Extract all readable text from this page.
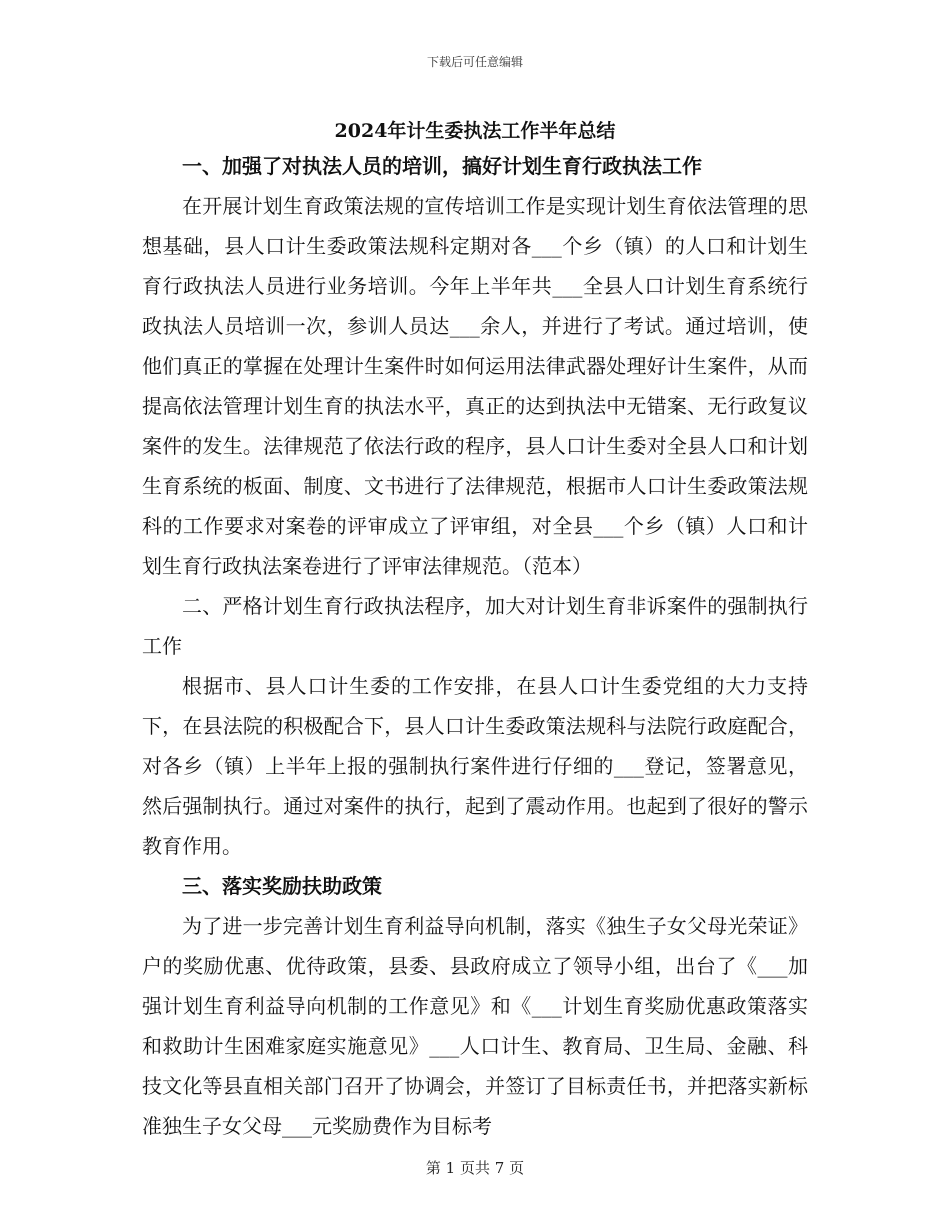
下载后可任意编辑
2024年计生委执法工作半年总结

一、加强了对执法人员的培训，搞好计划生育行政执法工作

在开展计划生育政策法规的宣传培训工作是实现计划生育依法管理的思想基础，县人口计生委政策法规科定期对各___个乡（镇）的人口和计划生育行政执法人员进行业务培训。今年上半年共___全县人口计划生育系统行政执法人员培训一次，参训人员达___余人，并进行了考试。通过培训，使他们真正的掌握在处理计生案件时如何运用法律武器处理好计生案件，从而提高依法管理计划生育的执法水平，真正的达到执法中无错案、无行政复议案件的发生。法律规范了依法行政的程序，县人口计生委对全县人口和计划生育系统的板面、制度、文书进行了法律规范，根据市人口计生委政策法规科的工作要求对案卷的评审成立了评审组，对全县___个乡（镇）人口和计划生育行政执法案卷进行了评审法律规范。（范本）

二、严格计划生育行政执法程序，加大对计划生育非诉案件的强制执行工作

根据市、县人口计生委的工作安排，在县人口计生委党组的大力支持下，在县法院的积极配合下，县人口计生委政策法规科与法院行政庭配合，对各乡（镇）上半年上报的强制执行案件进行仔细的___登记，签署意见，然后强制执行。通过对案件的执行，起到了震动作用。也起到了很好的警示教育作用。

三、落实奖励扶助政策

为了进一步完善计划生育利益导向机制，落实《独生子女父母光荣证》户的奖励优惠、优待政策，县委、县政府成立了领导小组，出台了《___加强计划生育利益导向机制的工作意见》和《___计划生育奖励优惠政策落实和救助计生困难家庭实施意见》___人口计生、教育局、卫生局、金融、科技文化等县直相关部门召开了协调会，并签订了目标责任书，并把落实新标准独生子女父母___元奖励费作为目标考

第 1 页共 7 页
